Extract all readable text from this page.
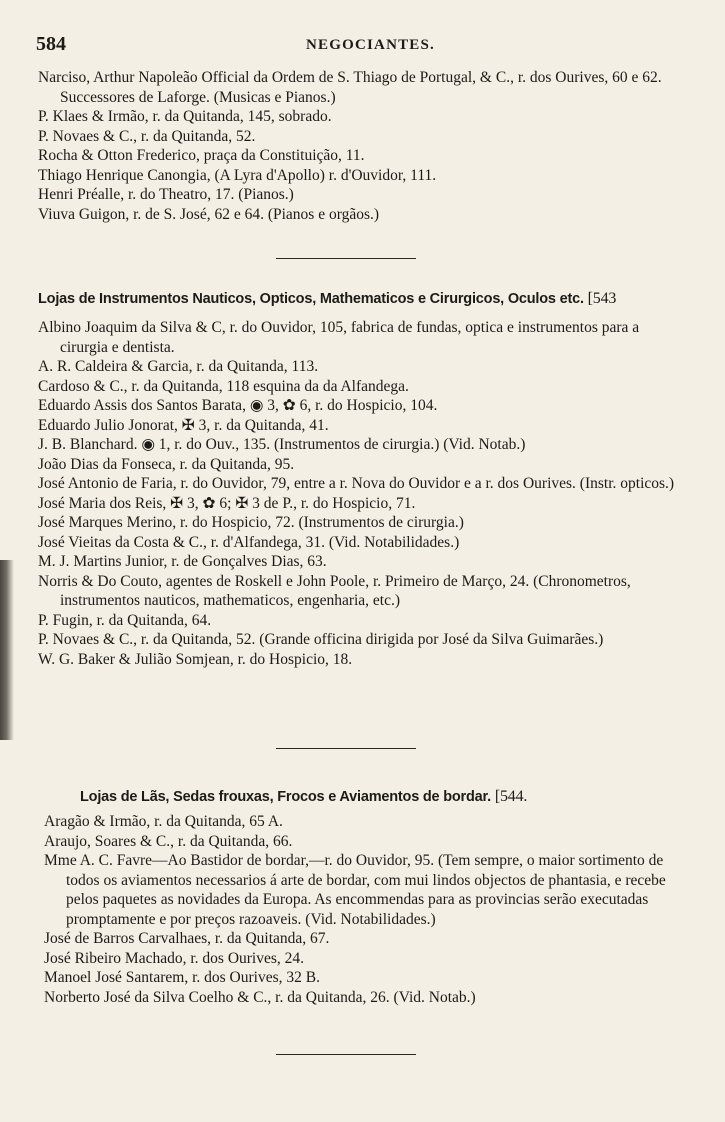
584	NEGOCIANTES.
Narciso, Arthur Napoleão Official da Ordem de S. Thiago de Portugal, & C., r. dos Ourives, 60 e 62. Successores de Laforge. (Musicas e Pianos.)
P. Klaes & Irmão, r. da Quitanda, 145, sobrado.
P. Novaes & C., r. da Quitanda, 52.
Rocha & Otton Frederico, praça da Constituição, 11.
Thiago Henrique Canongia, (A Lyra d'Apollo) r. d'Ouvidor, 111.
Henri Préalle, r. do Theatro, 17. (Pianos.)
Viuva Guigon, r. de S. José, 62 e 64. (Pianos e orgãos.)
Lojas de Instrumentos Nauticos, Opticos, Mathematicos e Cirurgicos, Oculos etc. [543
Albino Joaquim da Silva & C, r. do Ouvidor, 105, fabrica de fundas, optica e instrumentos para a cirurgia e dentista.
A. R. Caldeira & Garcia, r. da Quitanda, 113.
Cardoso & C., r. da Quitanda, 118 esquina da da Alfandega.
Eduardo Assis dos Santos Barata, ◉ 3, ✿ 6, r. do Hospicio, 104.
Eduardo Julio Jonorat, ✠ 3, r. da Quitanda, 41.
J. B. Blanchard. ◉ 1, r. do Ouv., 135. (Instrumentos de cirurgia.) (Vid. Notab.)
João Dias da Fonseca, r. da Quitanda, 95.
José Antonio de Faria, r. do Ouvidor, 79, entre a r. Nova do Ouvidor e a r. dos Ourives. (Instr. opticos.)
José Maria dos Reis, ✠ 3, ✿ 6; ✠ 3 de P., r. do Hospicio, 71.
José Marques Merino, r. do Hospicio, 72. (Instrumentos de cirurgia.)
José Vieitas da Costa & C., r. d'Alfandega, 31. (Vid. Notabilidades.)
M. J. Martins Junior, r. de Gonçalves Dias, 63.
Norris & Do Couto, agentes de Roskell e John Poole, r. Primeiro de Março, 24. (Chronometros, instrumentos nauticos, mathematicos, engenharia, etc.)
P. Fugin, r. da Quitanda, 64.
P. Novaes & C., r. da Quitanda, 52. (Grande officina dirigida por José da Silva Guimarães.)
W. G. Baker & Julião Somjean, r. do Hospicio, 18.
Lojas de Lãs, Sedas frouxas, Frocos e Aviamentos de bordar. [544.
Aragão & Irmão, r. da Quitanda, 65 A.
Araujo, Soares & C., r. da Quitanda, 66.
Mme A. C. Favre—Ao Bastidor de bordar,—r. do Ouvidor, 95. (Tem sempre, o maior sortimento de todos os aviamentos necessarios á arte de bordar, com mui lindos objectos de phantasia, e recebe pelos paquetes as novidades da Europa. As encommendas para as provincias serão executadas promptamente e por preços razoaveis. (Vid. Notabilidades.)
José de Barros Carvalhaes, r. da Quitanda, 67.
José Ribeiro Machado, r. dos Ourives, 24.
Manoel José Santarem, r. dos Ourives, 32 B.
Norberto José da Silva Coelho & C., r. da Quitanda, 26. (Vid. Notab.)
